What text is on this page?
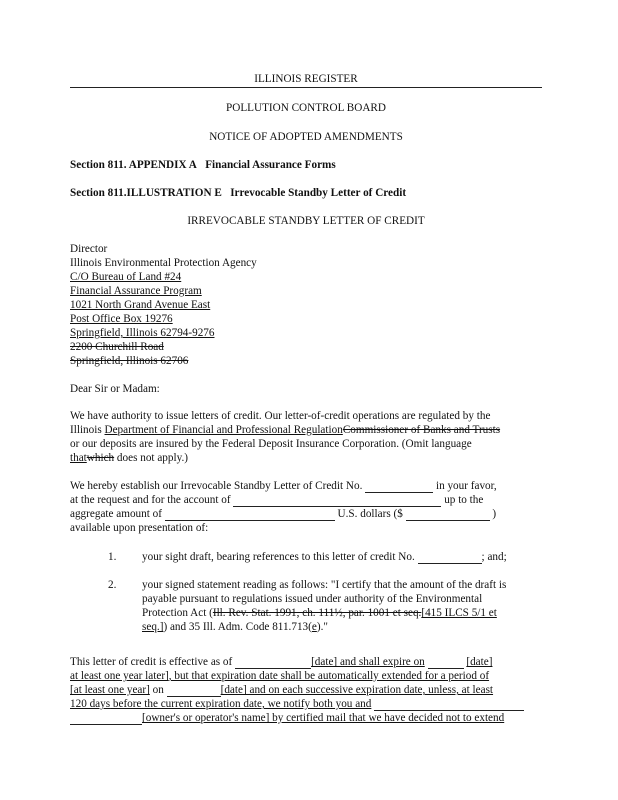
ILLINOIS REGISTER
POLLUTION CONTROL BOARD
NOTICE OF ADOPTED AMENDMENTS
Section 811. APPENDIX A Financial Assurance Forms
Section 811.ILLUSTRATION E Irrevocable Standby Letter of Credit
IRREVOCABLE STANDBY LETTER OF CREDIT
Director
Illinois Environmental Protection Agency
C/O Bureau of Land #24
Financial Assurance Program
1021 North Grand Avenue East
Post Office Box 19276
Springfield, Illinois 62794-9276
2200 Churchill Road
Springfield, Illinois 62706
Dear Sir or Madam:
We have authority to issue letters of credit. Our letter-of-credit operations are regulated by the
Illinois Department of Financial and Professional RegulationCommissioner of Banks and Trusts
or our deposits are insured by the Federal Deposit Insurance Corporation. (Omit language
thatwhich does not apply.)
We hereby establish our Irrevocable Standby Letter of Credit No.	in your favor,
at the request and for the account of	up to the
aggregate amount of	U.S. dollars ($	)
available upon presentation of:
1. your sight draft, bearing references to this letter of credit No.	; and;
2. your signed statement reading as follows: "I certify that the amount of the draft is
payable pursuant to regulations issued under authority of the Environmental
Protection Act (Ill. Rev. Stat. 1991, ch. 111½, par. 1001 et seq.[415 ILCS 5/1 et
seq.]) and 35 Ill. Adm. Code 811.713(e)."
This letter of credit is effective as of	[date] and shall expire on	[date]
at least one year later], but that expiration date shall be automatically extended for a period of
[at least one year] on	[date] and on each successive expiration date, unless, at least
120 days before the current expiration date, we notify both you and
[owner's or operator's name] by certified mail that we have decided not to extend
